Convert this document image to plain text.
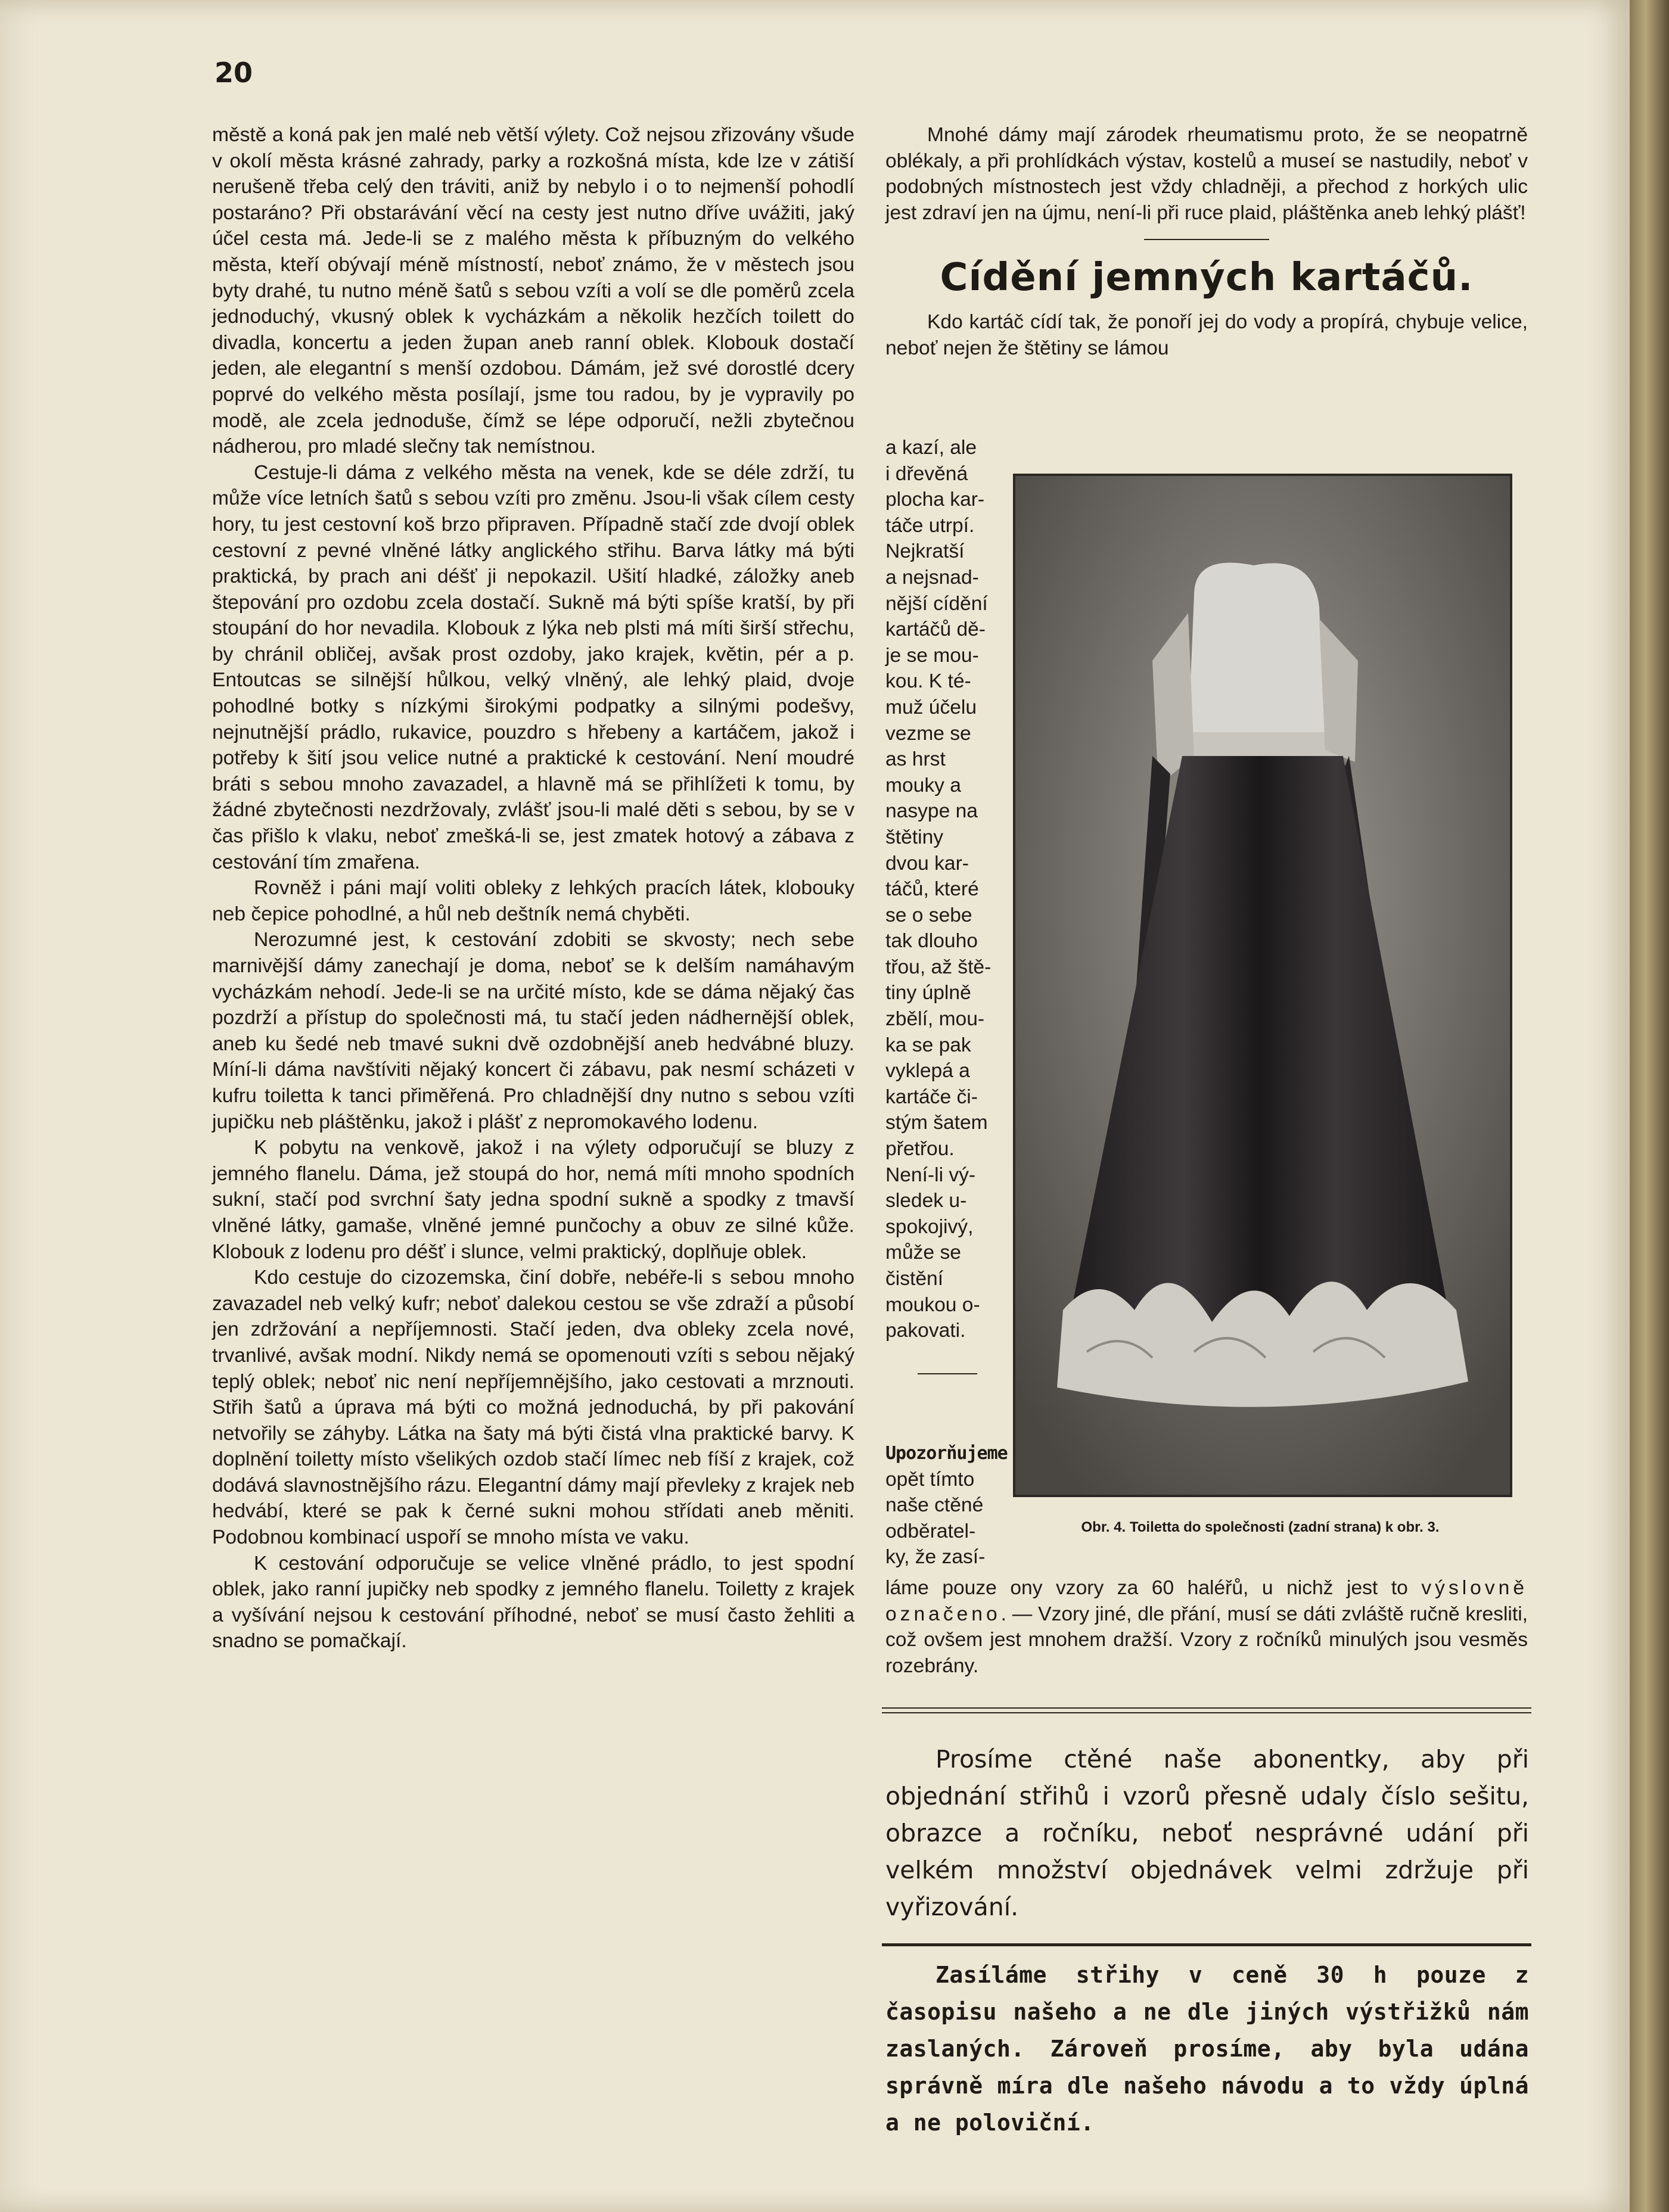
20

městě a koná pak jen malé neb větší výlety. Což nejsou zřizovány všude v okolí města krásné zahrady, parky a rozkošná místa, kde lze v zátiší nerušeně třeba celý den tráviti, aniž by nebylo i o to nejmenší pohodlí postaráno? Při obstarávání věcí na cesty jest nutno dříve uvážiti, jaký účel cesta má. Jede-li se z malého města k příbuzným do velkého města, kteří obývají méně místností, neboť známo, že v městech jsou byty drahé, tu nutno méně šatů s sebou vzíti a volí se dle poměrů zcela jednoduchý, vkusný oblek k vycházkám a několik hezčích toilett do divadla, koncertu a jeden župan aneb ranní oblek. Klobouk dostačí jeden, ale elegantní s menší ozdobou. Dámám, jež své dorostlé dcery poprvé do velkého města posílají, jsme tou radou, by je vypravily po modě, ale zcela jednoduše, čímž se lépe odporučí, nežli zbytečnou nádherou, pro mladé slečny tak nemístnou.

Cestuje-li dáma z velkého města na venek, kde se déle zdrží, tu může více letních šatů s sebou vzíti pro změnu. Jsou-li však cílem cesty hory, tu jest cestovní koš brzo připraven. Případně stačí zde dvojí oblek cestovní z pevné vlněné látky anglického střihu. Barva látky má býti praktická, by prach ani déšť ji nepokazil. Ušití hladké, záložky aneb štepování pro ozdobu zcela dostačí. Sukně má býti spíše kratší, by při stoupání do hor nevadila. Klobouk z lýka neb plsti má míti širší střechu, by chránil obličej, avšak prost ozdoby, jako krajek, květin, pér a p. Entoutcas se silnější hůlkou, velký vlněný, ale lehký plaid, dvoje pohodlné botky s nízkými širokými podpatky a silnými podešvy, nejnutnější prádlo, rukavice, pouzdro s hřebeny a kartáčem, jakož i potřeby k šití jsou velice nutné a praktické k cestování. Není moudré bráti s sebou mnoho zavazadel, a hlavně má se přihlížeti k tomu, by žádné zbytečnosti nezdržovaly, zvlášť jsou-li malé děti s sebou, by se v čas přišlo k vlaku, neboť zmešká-li se, jest zmatek hotový a zábava z cestování tím zmařena.

Rovněž i páni mají voliti obleky z lehkých pracích látek, klobouky neb čepice pohodlné, a hůl neb deštník nemá chyběti.

Nerozumné jest, k cestování zdobiti se skvosty; nech sebe marnivější dámy zanechají je doma, neboť se k delším namáhavým vycházkám nehodí. Jede-li se na určité místo, kde se dáma nějaký čas pozdrží a přístup do společnosti má, tu stačí jeden nádhernější oblek, aneb ku šedé neb tmavé sukni dvě ozdobnější aneb hedvábné bluzy. Míní-li dáma navštíviti nějaký koncert či zábavu, pak nesmí scházeti v kufru toiletta k tanci přiměřená. Pro chladnější dny nutno s sebou vzíti jupičku neb pláštěnku, jakož i plášť z nepromokavého lodenu.

K pobytu na venkově, jakož i na výlety odporučují se bluzy z jemného flanelu. Dáma, jež stoupá do hor, nemá míti mnoho spodních sukní, stačí pod svrchní šaty jedna spodní sukně a spodky z tmavší vlněné látky, gamaše, vlněné jemné punčochy a obuv ze silné kůže. Klobouk z lodenu pro déšť i slunce, velmi praktický, doplňuje oblek.

Kdo cestuje do cizozemska, činí dobře, nebéře-li s sebou mnoho zavazadel neb velký kufr; neboť dalekou cestou se vše zdraží a působí jen zdržování a nepříjemnosti. Stačí jeden, dva obleky zcela nové, trvanlivé, avšak modní. Nikdy nemá se opomenouti vzíti s sebou nějaký teplý oblek; neboť nic není nepříjemnějšího, jako cestovati a mrznouti. Střih šatů a úprava má býti co možná jednoduchá, by při pakování netvořily se záhyby. Látka na šaty má býti čistá vlna praktické barvy. K doplnění toiletty místo všelikých ozdob stačí límec neb fíší z krajek, což dodává slavnostnějšího rázu. Elegantní dámy mají převleky z krajek neb hedvábí, které se pak k černé sukni mohou střídati aneb měniti. Podobnou kombinací uspoří se mnoho místa ve vaku.

K cestování odporučuje se velice vlněné prádlo, to jest spodní oblek, jako ranní jupičky neb spodky z jemného flanelu. Toiletty z krajek a vyšívání nejsou k cestování příhodné, neboť se musí často žehliti a snadno se pomačkají.

Mnohé dámy mají zárodek rheumatismu proto, že se neopatrně oblékaly, a při prohlídkách výstav, kostelů a museí se nastudily, neboť v podobných místnostech jest vždy chladněji, a přechod z horkých ulic jest zdraví jen na újmu, není-li při ruce plaid, pláštěnka aneb lehký plášť!

Cídění jemných kartáčů.

Kdo kartáč cídí tak, že ponoří jej do vody a propírá, chybuje velice, neboť nejen že štětiny se lámou

a kazí, ale
i dřevěná
plocha kar-
táče utrpí.
Nejkratší
a nejsnad-
nější cídění
kartáčů dě-
je se mou-
kou. K té-
muž účelu
vezme se
as hrst
mouky a
nasype na
štětiny
dvou kar-
táčů, které
se o sebe
tak dlouho
třou, až ště-
tiny úplně
zbělí, mou-
ka se pak
vyklepá a
kartáče či-
stým šatem
přetřou.
Není-li vý-
sledek u-
spokojivý,
může se
čistění
moukou o-
pakovati.
Upozorňujeme
opět tímto
naše ctěné
odběratel-
ky, že zasí-
Obr. 4. Toiletta do společnosti (zadní strana) k obr. 3.
láme pouze ony vzory za 60 haléřů, u nichž jest to výslovně označeno. — Vzory jiné, dle přání, musí se dáti zvláště ručně kresliti, což ovšem jest mnohem dražší. Vzory z ročníků minulých jsou vesměs rozebrány.
Prosíme ctěné naše abonentky, aby při objednání střihů i vzorů přesně udaly číslo sešitu, obrazce a ročníku, neboť nesprávné udání při velkém množství objednávek velmi zdržuje při vyřizování.
Zasíláme střihy v ceně 30 h pouze z časopisu našeho a ne dle jiných výstřižků nám zaslaných. Zároveň prosíme, aby byla udána správně míra dle našeho návodu a to vždy úplná a ne poloviční.
